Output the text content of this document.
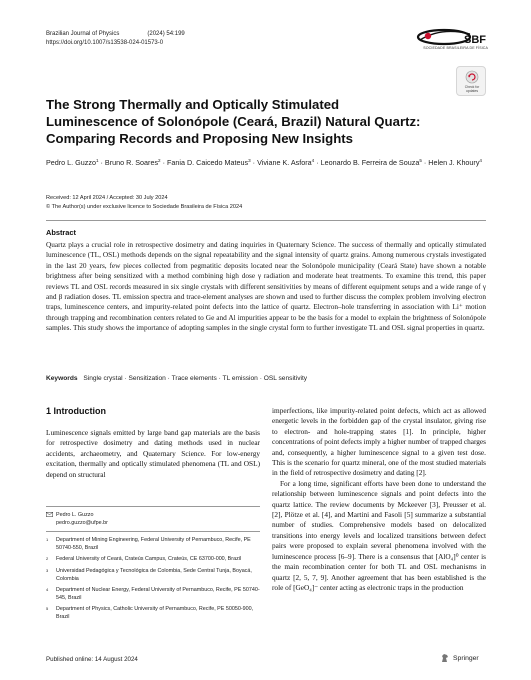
Brazilian Journal of Physics	(2024) 54:199
https://doi.org/10.1007/s13538-024-01573-0	SBF
SOCIEDADE BRASILEIRA DE FÍSICA
Check for
updates
The Strong Thermally and Optically Stimulated Luminescence of Solonópole (Ceará, Brazil) Natural Quartz: Comparing Records and Proposing New Insights
Pedro L. Guzzo$^1$ · Bruno R. Soares$^2$ · Fania D. Caicedo Mateus$^3$ · Viviane K. Asfora$^4$ · Leonardo B. Ferreira de Souza$^5$ · Helen J. Khoury$^4$
Received: 12 April 2024 / Accepted: 30 July 2024
© The Author(s) under exclusive licence to Sociedade Brasileira de Física 2024
Abstract

Quartz plays a crucial role in retrospective dosimetry and dating inquiries in Quaternary Science. The success of thermally and optically stimulated luminescence (TL, OSL) methods depends on the signal repeatability and the signal intensity of quartz grains. Among numerous crystals investigated in the last 20 years, few pieces collected from pegmatitic deposits located near the Solonópole municipality (Ceará State) have shown a notable brightness after being sensitized with a method combining high dose γ radiation and moderate heat treatments. To examine this trend, this paper reviews TL and OSL records measured in six single crystals with different sensitivities by means of different equipment setups and a wide range of γ and β radiation doses. TL emission spectra and trace-element analyses are shown and used to further discuss the complex problem involving electron traps, luminescence centers, and impurity-related point defects into the lattice of quartz. Electron–hole transferring in association with Li⁺ motion through trapping and recombination centers related to Ge and Al impurities appear to be the basis for a model to explain the brightness of Solonópole samples. This study shows the importance of adopting samples in the single crystal form to further investigate TL and OSL signal properties in quartz.

Keywords Single crystal · Sensitization · Trace elements · TL emission · OSL sensitivity
1 Introduction

Luminescence signals emitted by large band gap materials are the basis for retrospective dosimetry and dating methods used in nuclear accidents, archaeometry, and Quaternary Science. For low-energy excitation, thermally and optically stimulated phenomena (TL and OSL) depend on structural

imperfections, like impurity-related point defects, which act as allowed energetic levels in the forbidden gap of the crystal insulator, giving rise to electron- and hole-trapping states [1]. In principle, higher concentrations of point defects imply a higher number of trapped charges and, consequently, a higher luminescence signal to a given test dose. This is the scenario for quartz mineral, one of the most studied materials in the field of retrospective dosimetry and dating [2].

For a long time, significant efforts have been done to understand the relationship between luminescence signals and point defects into the quartz lattice. The review documents by Mckeever [3], Preusser et al. [2], Plötze et al. [4], and Martini and Fasoli [5] summarize a substantial number of studies. Comprehensive models based on delocalized transitions into energy levels and localized transitions between defect pairs were proposed to explain several phenomena involved with the luminescence process [6–9]. There is a consensus that [AlO₄]⁰ center is the main recombination center for both TL and OSL mechanisms in quartz [2, 5, 7, 9]. Another agreement that has been established is the role of [GeO₄]⁻ center acting as electronic traps in the production

Pedro L. Guzzo
pedro.guzzo@ufpe.br
1	Department of Mining Engineering, Federal University of Pernambuco, Recife, PE 50740-550, Brazil
2	Federal University of Ceará, Crateús Campus, Crateús, CE 63700-000, Brazil
3	Universidad Pedagógica y Tecnológica de Colombia, Sede Central Tunja, Boyacá, Colombia
4	Department of Nuclear Energy, Federal University of Pernambuco, Recife, PE 50740-545, Brazil
5	Department of Physics, Catholic University of Pernambuco, Recife, PE 50050-900, Brazil
Published online: 14 August 2024	Springer
